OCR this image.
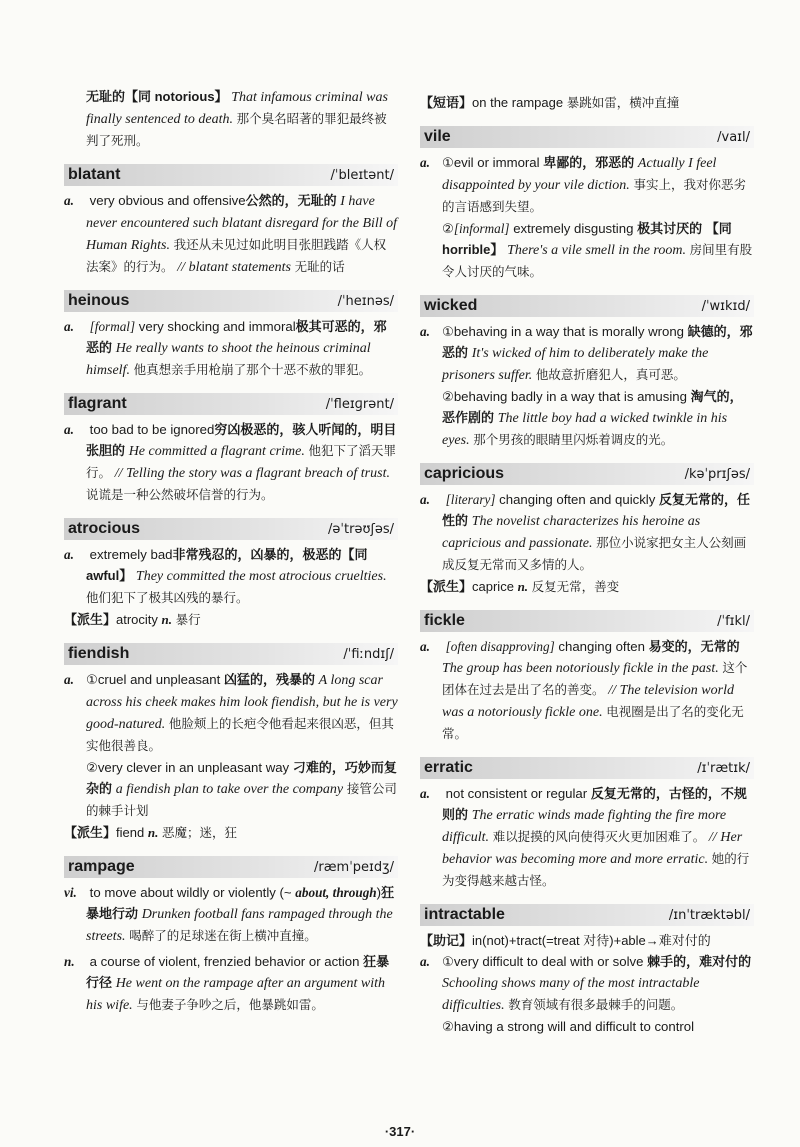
无耻的【同 notorious】 That infamous criminal was finally sentenced to death. 那个臭名昭著的罪犯最终被判了死刑。

blatant	/ˈbleɪtənt/

a. very obvious and offensive公然的，无耻的 I have never encountered such blatant disregard for the Bill of Human Rights. 我还从未见过如此明目张胆践踏《人权法案》的行为。 // blatant statements 无耻的话

heinous	/ˈheɪnəs/

a. [formal] very shocking and immoral极其可恶的，邪恶的 He really wants to shoot the heinous criminal himself. 他真想亲手用枪崩了那个十恶不赦的罪犯。

flagrant	/ˈfleɪɡrənt/

a. too bad to be ignored穷凶极恶的，骇人听闻的，明目张胆的 He committed a flagrant crime. 他犯下了滔天罪行。 // Telling the story was a flagrant breach of trust. 说谎是一种公然破坏信誉的行为。

atrocious	/əˈtrəʊʃəs/

a. extremely bad非常残忍的，凶暴的，极恶的【同 awful】 They committed the most atrocious cruelties. 他们犯下了极其凶残的暴行。

【派生】atrocity n. 暴行

fiendish	/ˈfiːndɪʃ/

a. ①cruel and unpleasant 凶猛的，残暴的 A long scar across his cheek makes him look fiendish, but he is very good-natured. 他脸颊上的长疤令他看起来很凶恶，但其实他很善良。

②very clever in an unpleasant way 刁难的，巧妙而复杂的 a fiendish plan to take over the company 接管公司的棘手计划

【派生】fiend n. 恶魔；迷，狂

rampage	/ræmˈpeɪdʒ/

vi. to move about wildly or violently (~ about, through)狂暴地行动 Drunken football fans rampaged through the streets. 喝醉了的足球迷在街上横冲直撞。

n. a course of violent, frenzied behavior or action 狂暴行径 He went on the rampage after an argument with his wife. 与他妻子争吵之后，他暴跳如雷。

【短语】on the rampage 暴跳如雷，横冲直撞

vile	/vaɪl/

a. ①evil or immoral 卑鄙的，邪恶的 Actually I feel disappointed by your vile diction. 事实上，我对你恶劣的言语感到失望。

②[informal] extremely disgusting 极其讨厌的 【同 horrible】 There's a vile smell in the room. 房间里有股令人讨厌的气味。

wicked	/ˈwɪkɪd/

a. ①behaving in a way that is morally wrong 缺德的，邪恶的 It's wicked of him to deliberately make the prisoners suffer. 他故意折磨犯人，真可恶。

②behaving badly in a way that is amusing 淘气的，恶作剧的 The little boy had a wicked twinkle in his eyes. 那个男孩的眼睛里闪烁着调皮的光。

capricious	/kəˈprɪʃəs/

a. [literary] changing often and quickly 反复无常的，任性的 The novelist characterizes his heroine as capricious and passionate. 那位小说家把女主人公刻画成反复无常而又多情的人。

【派生】caprice n. 反复无常，善变

fickle	/ˈfɪkl/

a. [often disapproving] changing often 易变的，无常的 The group has been notoriously fickle in the past. 这个团体在过去是出了名的善变。 // The television world was a notoriously fickle one. 电视圈是出了名的变化无常。

erratic	/ɪˈrætɪk/

a. not consistent or regular 反复无常的，古怪的，不规则的 The erratic winds made fighting the fire more difficult. 难以捉摸的风向使得灭火更加困难了。 // Her behavior was becoming more and more erratic. 她的行为变得越来越古怪。

intractable	/ɪnˈtræktəbl/

【助记】in(not)+tract(=treat 对待)+able→难对付的

a. ①very difficult to deal with or solve 棘手的，难对付的 Schooling shows many of the most intractable difficulties. 教育领域有很多最棘手的问题。

②having a strong will and difficult to control

·317·
